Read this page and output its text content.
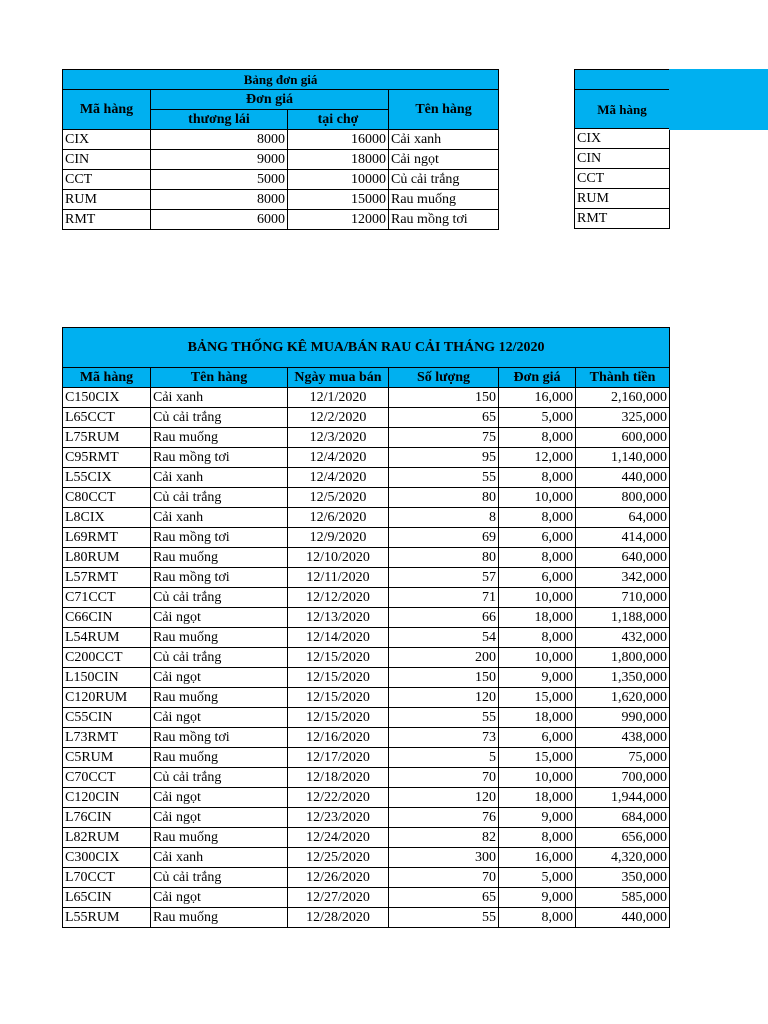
Bảng đơn giá			
Mã hàng	Đơn giá		Tên hàng
	thương lái	tại chợ	
CIX	8000	16000	Cải xanh
CIN	9000	18000	Cải ngọt
CCT	5000	10000	Củ cải trắng
RUM	8000	15000	Rau muống
RMT	6000	12000	Rau mồng tơi

Mã hàng
CIX
CIN
CCT
RUM
RMT
BẢNG THỐNG KÊ MUA/BÁN RAU CẢI THÁNG 12/2020					
Mã hàng	Tên hàng	Ngày mua bán	Số lượng	Đơn giá	Thành tiền
C150CIX	Cải xanh	12/1/2020	150	16,000	2,160,000
L65CCT	Củ cải trắng	12/2/2020	65	5,000	325,000
L75RUM	Rau muống	12/3/2020	75	8,000	600,000
C95RMT	Rau mồng tơi	12/4/2020	95	12,000	1,140,000
L55CIX	Cải xanh	12/4/2020	55	8,000	440,000
C80CCT	Củ cải trắng	12/5/2020	80	10,000	800,000
L8CIX	Cải xanh	12/6/2020	8	8,000	64,000
L69RMT	Rau mồng tơi	12/9/2020	69	6,000	414,000
L80RUM	Rau muống	12/10/2020	80	8,000	640,000
L57RMT	Rau mồng tơi	12/11/2020	57	6,000	342,000
C71CCT	Củ cải trắng	12/12/2020	71	10,000	710,000
C66CIN	Cải ngọt	12/13/2020	66	18,000	1,188,000
L54RUM	Rau muống	12/14/2020	54	8,000	432,000
C200CCT	Củ cải trắng	12/15/2020	200	10,000	1,800,000
L150CIN	Cải ngọt	12/15/2020	150	9,000	1,350,000
C120RUM	Rau muống	12/15/2020	120	15,000	1,620,000
C55CIN	Cải ngọt	12/15/2020	55	18,000	990,000
L73RMT	Rau mồng tơi	12/16/2020	73	6,000	438,000
C5RUM	Rau muống	12/17/2020	5	15,000	75,000
C70CCT	Củ cải trắng	12/18/2020	70	10,000	700,000
C120CIN	Cải ngọt	12/22/2020	120	18,000	1,944,000
L76CIN	Cải ngọt	12/23/2020	76	9,000	684,000
L82RUM	Rau muống	12/24/2020	82	8,000	656,000
C300CIX	Cải xanh	12/25/2020	300	16,000	4,320,000
L70CCT	Củ cải trắng	12/26/2020	70	5,000	350,000
L65CIN	Cải ngọt	12/27/2020	65	9,000	585,000
L55RUM	Rau muống	12/28/2020	55	8,000	440,000
